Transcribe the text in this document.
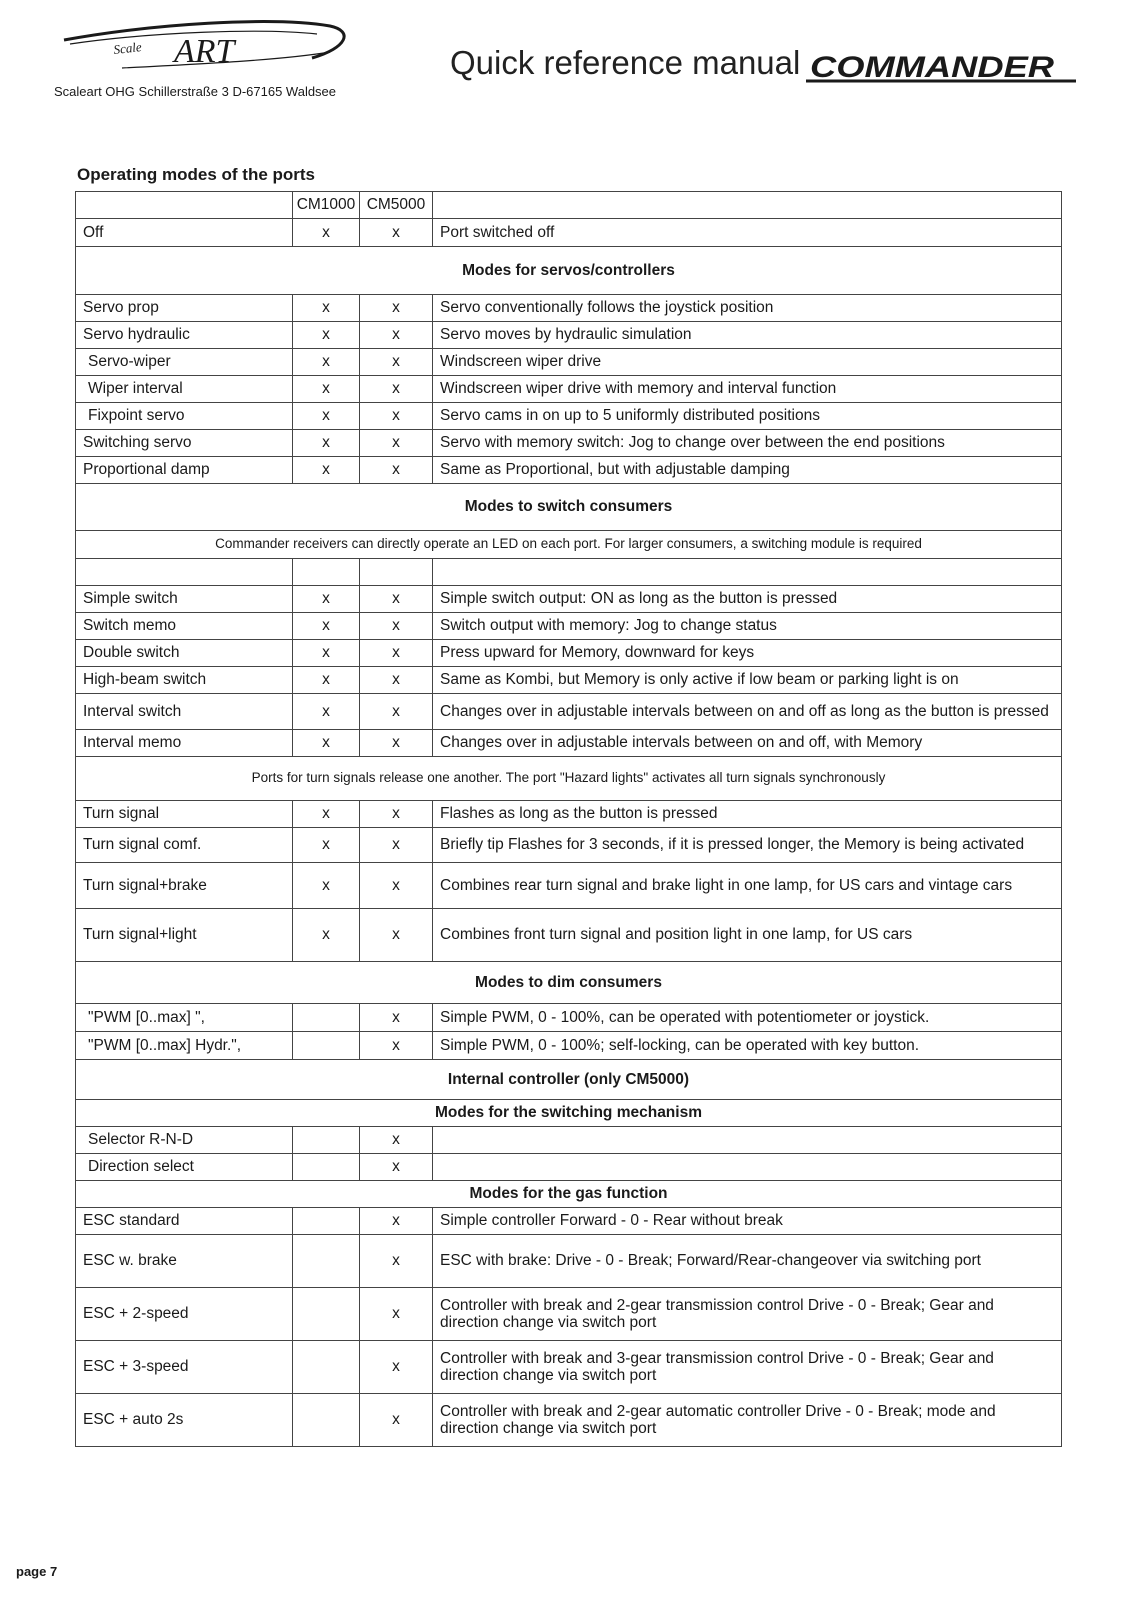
Scale ART
Scaleart OHG Schillerstraße 3 D-67165 Waldsee
Quick reference manual COMMANDER
Operating modes of the ports
	CM1000	CM5000	
Off	x	x	Port switched off
Modes for servos/controllers			
Servo prop	x	x	Servo conventionally follows the joystick position
Servo hydraulic	x	x	Servo moves by hydraulic simulation
Servo-wiper	x	x	Windscreen wiper drive
Wiper interval	x	x	Windscreen wiper drive with memory and interval function
Fixpoint servo	x	x	Servo cams in on up to 5 uniformly distributed positions
Switching servo	x	x	Servo with memory switch: Jog to change over between the end positions
Proportional damp	x	x	Same as Proportional, but with adjustable damping
Modes to switch consumers			
Commander receivers can directly operate an LED on each port. For larger consumers, a switching module is required			

Simple switch	x	x	Simple switch output: ON as long as the button is pressed
Switch memo	x	x	Switch output with memory: Jog to change status
Double switch	x	x	Press upward for Memory, downward for keys
High-beam switch	x	x	Same as Kombi, but Memory is only active if low beam or parking light is on
Interval switch	x	x	Changes over in adjustable intervals between on and off as long as the button is pressed
Interval memo	x	x	Changes over in adjustable intervals between on and off, with Memory
Ports for turn signals release one another. The port "Hazard lights" activates all turn signals synchronously			
Turn signal	x	x	Flashes as long as the button is pressed
Turn signal comf.	x	x	Briefly tip Flashes for 3 seconds, if it is pressed longer, the Memory is being activated
Turn signal+brake	x	x	Combines rear turn signal and brake light in one lamp, for US cars and vintage cars
Turn signal+light	x	x	Combines front turn signal and position light in one lamp, for US cars
Modes to dim consumers			
"PWM [0..max] ",		x	Simple PWM, 0 - 100%, can be operated with potentiometer or joystick.
"PWM [0..max] Hydr.",		x	Simple PWM, 0 - 100%; self-locking, can be operated with key button.
Internal controller (only CM5000)			
Modes for the switching mechanism			
Selector R-N-D		x	
Direction select		x	
Modes for the gas function			
ESC standard		x	Simple controller Forward - 0 - Rear without break
ESC w. brake		x	ESC with brake: Drive - 0 - Break; Forward/Rear-changeover via switching port
ESC + 2-speed		x	Controller with break and 2-gear transmission control Drive - 0 - Break; Gear and direction change via switch port
ESC + 3-speed		x	Controller with break and 3-gear transmission control Drive - 0 - Break; Gear and direction change via switch port
ESC + auto 2s		x	Controller with break and 2-gear automatic controller Drive - 0 - Break; mode and direction change via switch port
page 7
